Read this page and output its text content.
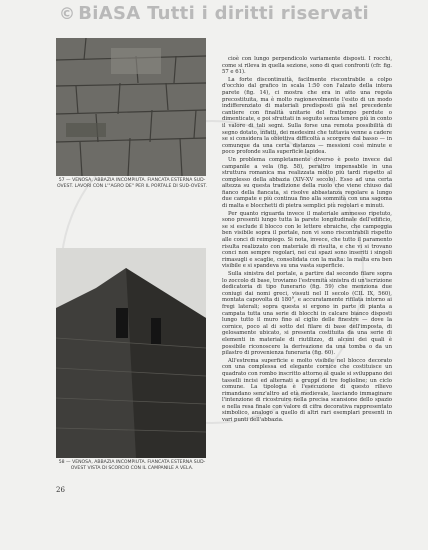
© BiASA Tutti i diritti riservati
57 — VENOSA, ABBAZIA INCOMPIUTA. FIANCATA ESTERNA SUD-OVEST. LAVORI CON L'"AGRO DE" PER IL PORTALE DI SUD-OVEST.
58 — VENOSA, ABBAZIA INCOMPIUTA. FIANCATA ESTERNA SUD-OVEST VISTA DI SCORCIO CON IL CAMPANILE A VELA.

cioè con lungo perpendicolo variamente disposti. I rocchi, come si rileva in quella sezione, sono di quei confronti (cfr. fig. 57 e 61).

La forte discontinuità, facilmente riscontrabile a colpo d'occhio dal grafico in scala 1:50 con l'alzato della intera parete (fig. 14), ci mostra che era in atto una regola precostituita, ma è molto ragionevolmente l'esito di un modo indifferenziato di materiali predisposti già nel precedente cantiere con finalità unitarie del frattempo perdute o dimenticate, e poi sfruttati in seguito senza tenere più in conto il valore di tali segni. Sulla forse una remota possibilità di segno dotato, infatti, dei medesimi che tuttavia venne a cadere se si considera la obiettiva difficoltà a scorgere dal basso — in comunque da una certa distanza — messioni così minute e poco profonde sulla superficie lapidea.

Un problema completamente diverso è posto invece dal campanile a vela (fig. 58), peraltro impensabile in una struttura romanica ma realizzata molto più tardi rispetto al complesso della abbazia (XIV-XV secolo). Esso ad una certa altezza su questa tradizione della ruolo che viene chiuso dal fianco della fiancata, si risolve abbastanza regolare a lungo due campate e più continua fino alla sommità con una sagoma di malta e blocchetti di pietra semplici più regolari e minuti.

Per quanto riguarda invece il materiale ammesso ripetuto, sono presenti lungo tutta la parete longitudinale dell'edificio, se si esclude il blocco con le lettere ebraiche, che campeggia ben visibile sopra il portale, non vi sono riscontrabili rispetto alle conci di reimpiego. Si nota, invece, che tutto il paramento risulta realizzato con materiale di risulta, e che vi si trovano conci non sempre regolari, nei cui spazi sono inseriti i singoli rimasugli e scaglie, consolidata con la malta: la malta era ben visibile e si spandeva su una vasta superficie.

Sulla sinistra del portale, a partire dal secondo filare sopra lo zoccolo di base, troviamo l'estremità sinistra di un'iscrizione dedicatoria di tipo funerario (fig. 59) che menziona due coniugi dai nomi greci, vissuti nel II secolo (CIL IX, 560), montata capovolta di 180°, e accuratamente rifilata intorno ai fregi laterali; sopra questa si ergono in parte di pianta a campata tutta una serie di blocchi in calcare bianco disposti lungo tutto il muro fino al ciglio delle finestre — dove la cornice, poco al di sotto del filare di base dell'imposta, di gelosamente ubicato, si presenta costituita da una serie di elementi in materiale di riutilizzo, di alcuni dei quali è possibile riconoscere la derivazione da una tomba o da un pilastro di provenienza funeraria (fig. 60).

All'estrema superficie e molto visibile nel blocco decorato con una complessa ed elegante cornice che costituisce un quadrato con rombo inscritto attorno al quale si sviluppano dei tasselli incisi ed alternati a gruppi di tre foglioline; un ciclo comune. La tipologia è l'esecuzione di questo rilievo rimandano senz'altro ad età medievale, lasciando immaginare l'intenzione di ricostruire nella precisa scansione dello spazio e nella resa finale con valore di cifra decorativa rappresentato simbolico, analogo a quello di altri rari esemplari presenti in vari punti dell'abbazia.

26
